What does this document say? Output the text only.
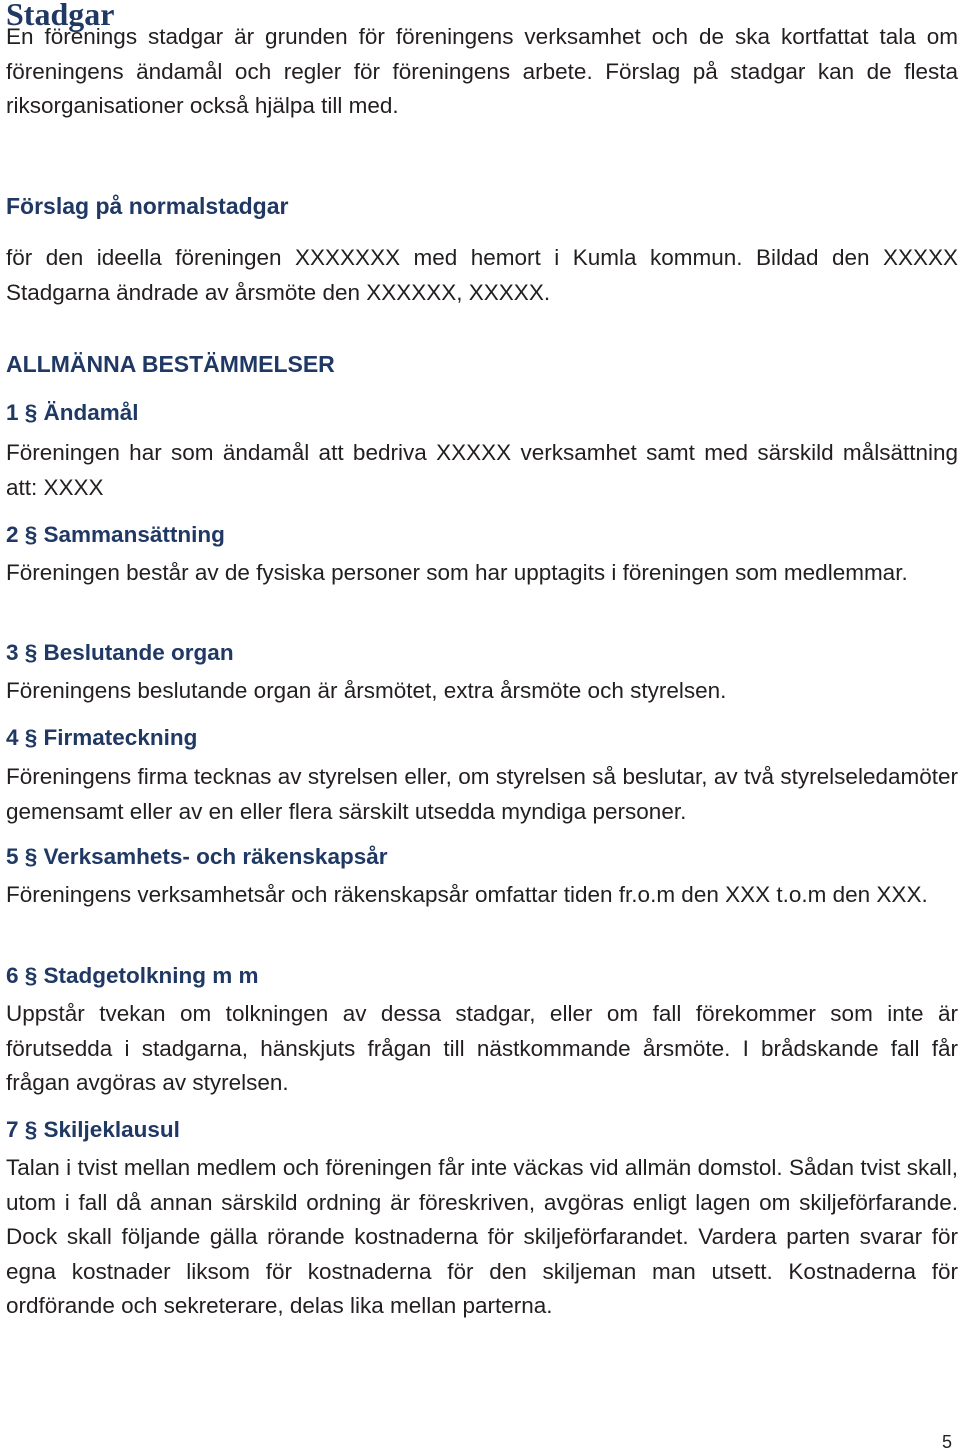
Stadgar

En förenings stadgar är grunden för föreningens verksamhet och de ska kortfattat tala om föreningens ändamål och regler för föreningens arbete. Förslag på stadgar kan de flesta riksorganisationer också hjälpa till med.

Förslag på normalstadgar

för den ideella föreningen XXXXXXX med hemort i Kumla kommun. Bildad den XXXXX Stadgarna ändrade av årsmöte den XXXXXX, XXXXX.

ALLMÄNNA BESTÄMMELSER
1 § Ändamål

Föreningen har som ändamål att bedriva XXXXX verksamhet samt med särskild målsättning att: XXXX

2 § Sammansättning

Föreningen består av de fysiska personer som har upptagits i föreningen som medlemmar.

3 § Beslutande organ

Föreningens beslutande organ är årsmötet, extra årsmöte och styrelsen.

4 § Firmateckning

Föreningens firma tecknas av styrelsen eller, om styrelsen så beslutar, av två styrelseledamöter gemensamt eller av en eller flera särskilt utsedda myndiga personer.

5 § Verksamhets- och räkenskapsår

Föreningens verksamhetsår och räkenskapsår omfattar tiden fr.o.m den XXX t.o.m den XXX.

6 § Stadgetolkning m m

Uppstår tvekan om tolkningen av dessa stadgar, eller om fall förekommer som inte är förutsedda i stadgarna, hänskjuts frågan till nästkommande årsmöte. I brådskande fall får frågan avgöras av styrelsen.

7 § Skiljeklausul

Talan i tvist mellan medlem och föreningen får inte väckas vid allmän domstol. Sådan tvist skall, utom i fall då annan särskild ordning är föreskriven, avgöras enligt lagen om skiljeförfarande. Dock skall följande gälla rörande kostnaderna för skiljeförfarandet. Vardera parten svarar för egna kostnader liksom för kostnaderna för den skiljeman man utsett. Kostnaderna för ordförande och sekreterare, delas lika mellan parterna.

5
